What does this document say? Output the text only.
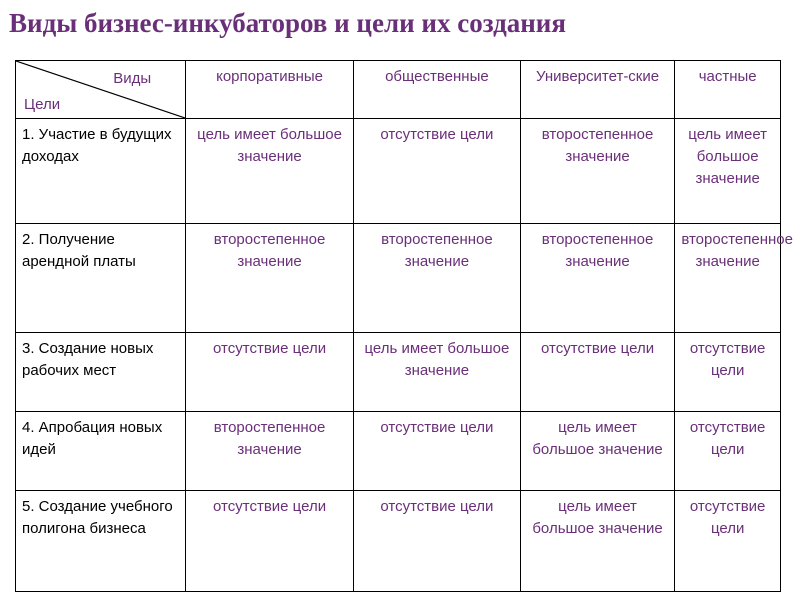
Виды бизнес-инкубаторов и цели их создания
Виды
Цели	корпоративные	общественные	Университет-ские	частные
1. Участие в будущих доходах	цель имеет большое значение	отсутствие цели	второстепенное значение	цель имеет большое значение
2. Получение арендной платы	второстепенное значение	второстепенное значение	второстепенное значение	второстепенное значение
3. Создание новых рабочих мест	отсутствие цели	цель имеет большое значение	отсутствие цели	отсутствие цели
4. Апробация новых идей	второстепенное значение	отсутствие цели	цель имеет большое значение	отсутствие цели
5. Создание учебного полигона бизнеса	отсутствие цели	отсутствие цели	цель имеет большое значение	отсутствие цели
